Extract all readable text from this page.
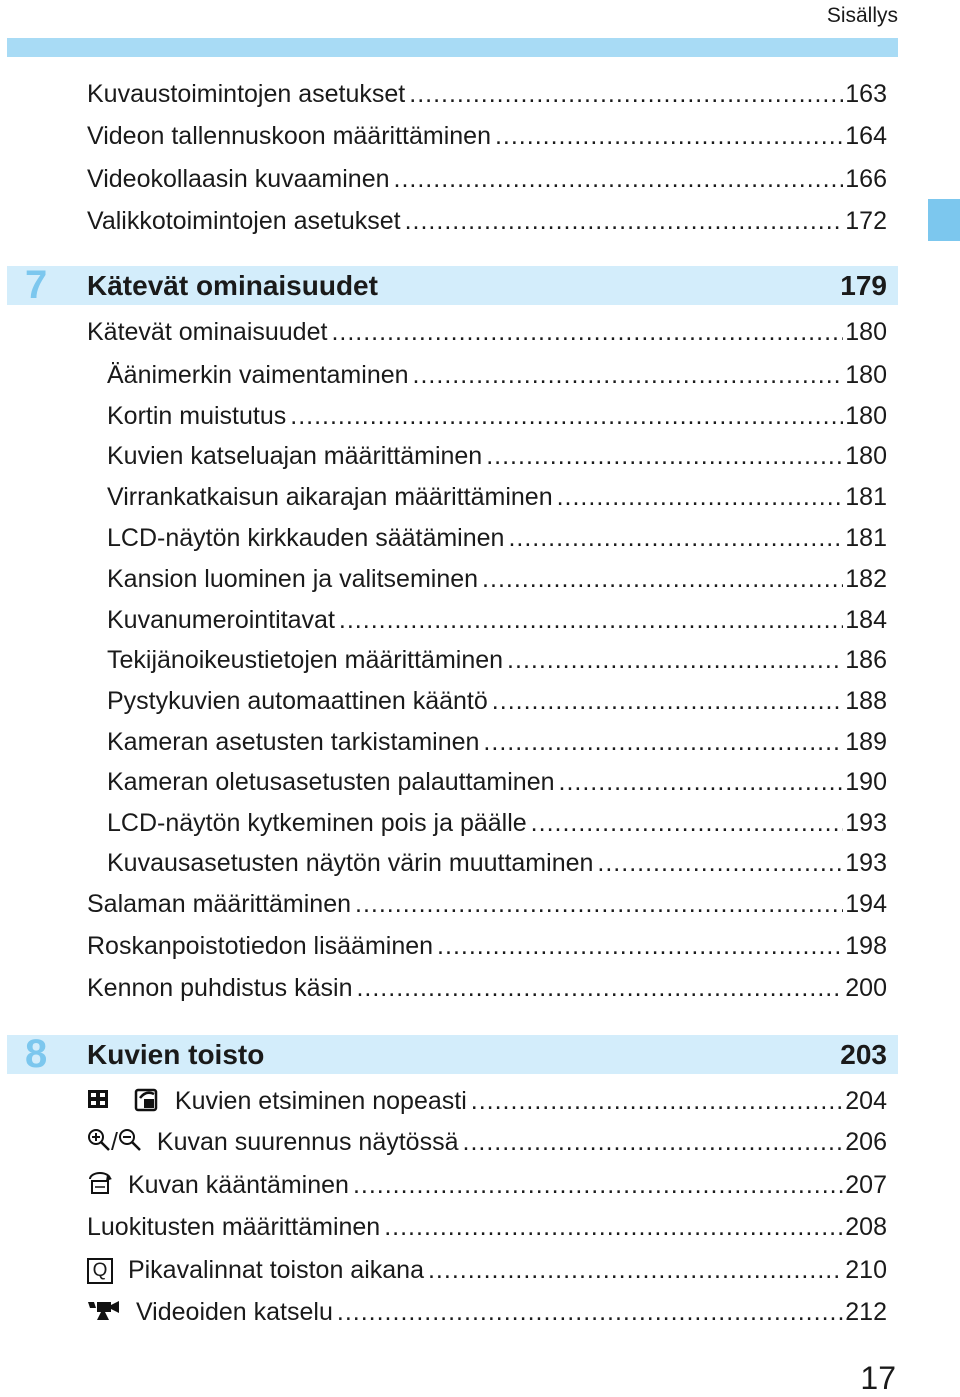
Sisällys
Kuvaustoimintojen asetukset .....	163
Videon tallennuskoon määrittäminen .....	164
Videokollaasin kuvaaminen .....	166
Valikkotoimintojen asetukset .....	172
7	Kätevät ominaisuudet	179
Kätevät ominaisuudet .....	180
Äänimerkin vaimentaminen .....	180
Kortin muistutus .....	180
Kuvien katseluajan määrittäminen .....	180
Virrankatkaisun aikarajan määrittäminen .....	181
LCD-näytön kirkkauden säätäminen .....	181
Kansion luominen ja valitseminen .....	182
Kuvanumerointitavat .....	184
Tekijänoikeustietojen määrittäminen .....	186
Pystykuvien automaattinen kääntö .....	188
Kameran asetusten tarkistaminen .....	189
Kameran oletusasetusten palauttaminen .....	190
LCD-näytön kytkeminen pois ja päälle .....	193
Kuvausasetusten näytön värin muuttaminen .....	193
Salaman määrittäminen .....	194
Roskanpoistotiedon lisääminen .....	198
Kennon puhdistus käsin .....	200
8	Kuvien toisto	203
Kuvien etsiminen nopeasti .....	204
/ Kuvan suurennus näytössä .....	206
Kuvan kääntäminen .....	207
Luokitusten määrittäminen .....	208
Q Pikavalinnat toiston aikana .....	210
Videoiden katselu .....	212
17
